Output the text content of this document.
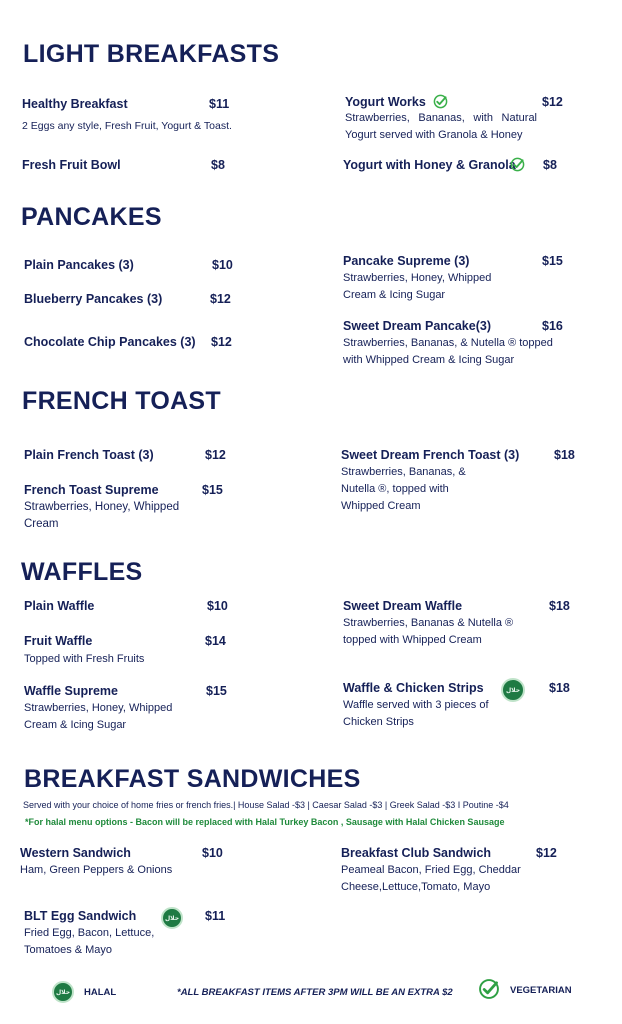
LIGHT BREAKFASTS
Healthy Breakfast	$11
2 Eggs any style, Fresh Fruit, Yogurt & Toast.
Fresh Fruit Bowl	$8
Yogurt Works	$12
Strawberries, Bananas, with Natural Yogurt served with Granola & Honey
Yogurt with Honey & Granola $8
PANCAKES
Plain Pancakes (3)	$10
Blueberry Pancakes (3)	$12
Chocolate Chip Pancakes (3) $12
Pancake Supreme (3)	$15
Strawberries, Honey, Whipped Cream & Icing Sugar
Sweet Dream Pancake(3)	$16
Strawberries, Bananas, & Nutella ® topped with Whipped Cream & Icing Sugar
FRENCH TOAST
Plain French Toast (3)	$12
French Toast Supreme	$15
Strawberries, Honey, Whipped Cream
Sweet Dream French Toast (3)	$18
Strawberries, Bananas, & Nutella ®, topped with Whipped Cream
WAFFLES
Plain Waffle	$10
Fruit Waffle	$14
Topped with Fresh Fruits
Waffle Supreme	$15
Strawberries, Honey, Whipped Cream & Icing Sugar
Sweet Dream Waffle	$18
Strawberries, Bananas & Nutella ® topped with Whipped Cream
Waffle & Chicken Strips	حلال $18
Waffle served with 3 pieces of Chicken Strips
BREAKFAST SANDWICHES
Served with your choice of home fries or french fries.| House Salad -$3 | Caesar Salad -$3 | Greek Salad -$3 I Poutine -$4
*For halal menu options - Bacon will be replaced with Halal Turkey Bacon , Sausage with Halal Chicken Sausage
Western Sandwich	$10
Ham, Green Peppers & Onions
BLT Egg Sandwich	حلال $11
Fried Egg, Bacon, Lettuce, Tomatoes & Mayo
Breakfast Club Sandwich	$12
Peameal Bacon, Fried Egg, Cheddar Cheese,Lettuce,Tomato, Mayo
حلال HALAL	*ALL BREAKFAST ITEMS AFTER 3PM WILL BE AN EXTRA $2	VEGETARIAN
